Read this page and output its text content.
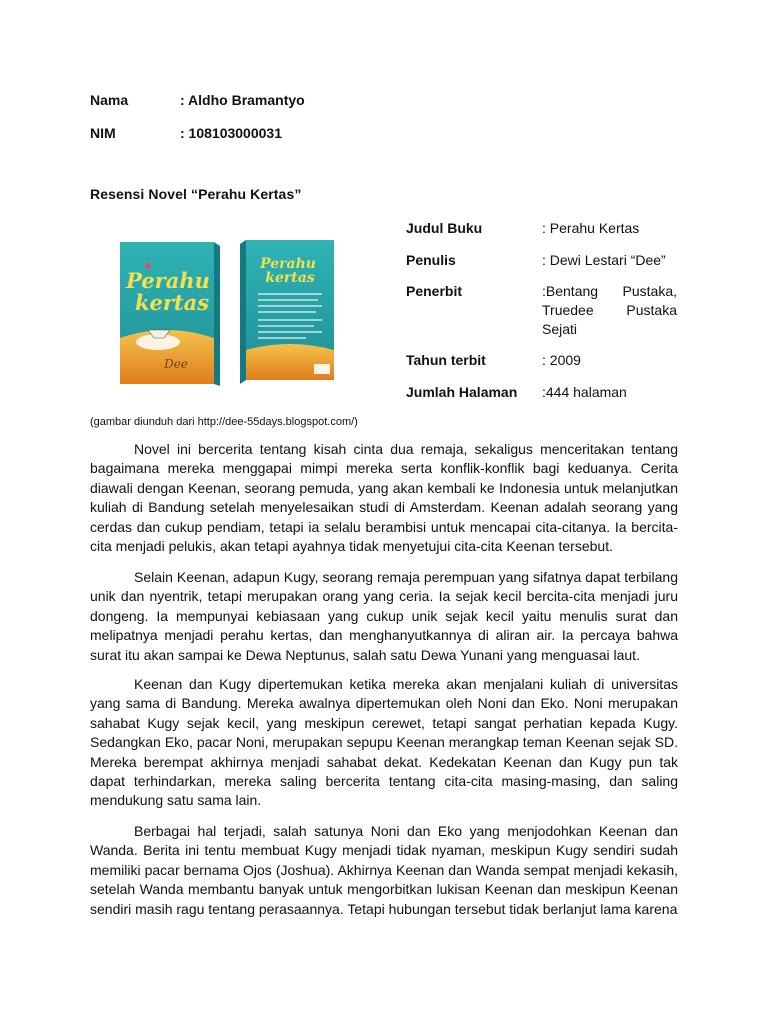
Nama	: Aldho Bramantyo
NIM	: 108103000031
Resensi Novel “Perahu Kertas”
Perahu
kertas
Dee
Perahu
kertas
(gambar diunduh dari http://dee-55days.blogspot.com/)
Judul Buku	: Perahu Kertas
Penulis	: Dewi Lestari “Dee”
Penerbit	:Bentang Pustaka,
Truedee Pustaka
Sejati
Tahun terbit	: 2009
Jumlah Halaman :444 halaman

Novel ini bercerita tentang kisah cinta dua remaja, sekaligus menceritakan tentang bagaimana mereka menggapai mimpi mereka serta konflik-konflik bagi keduanya. Cerita diawali dengan Keenan, seorang pemuda, yang akan kembali ke Indonesia untuk melanjutkan kuliah di Bandung setelah menyelesaikan studi di Amsterdam. Keenan adalah seorang yang cerdas dan cukup pendiam, tetapi ia selalu berambisi untuk mencapai cita-citanya. Ia bercita-cita menjadi pelukis, akan tetapi ayahnya tidak menyetujui cita-cita Keenan tersebut.

Selain Keenan, adapun Kugy, seorang remaja perempuan yang sifatnya dapat terbilang unik dan nyentrik, tetapi merupakan orang yang ceria. Ia sejak kecil bercita-cita menjadi juru dongeng. Ia mempunyai kebiasaan yang cukup unik sejak kecil yaitu menulis surat dan melipatnya menjadi perahu kertas, dan menghanyutkannya di aliran air. Ia percaya bahwa surat itu akan sampai ke Dewa Neptunus, salah satu Dewa Yunani yang menguasai laut.

Keenan dan Kugy dipertemukan ketika mereka akan menjalani kuliah di universitas yang sama di Bandung. Mereka awalnya dipertemukan oleh Noni dan Eko. Noni merupakan sahabat Kugy sejak kecil, yang meskipun cerewet, tetapi sangat perhatian kepada Kugy. Sedangkan Eko, pacar Noni, merupakan sepupu Keenan merangkap teman Keenan sejak SD. Mereka berempat akhirnya menjadi sahabat dekat. Kedekatan Keenan dan Kugy pun tak dapat terhindarkan, mereka saling bercerita tentang cita-cita masing-masing, dan saling mendukung satu sama lain.

Berbagai hal terjadi, salah satunya Noni dan Eko yang menjodohkan Keenan dan Wanda. Berita ini tentu membuat Kugy menjadi tidak nyaman, meskipun Kugy sendiri sudah memiliki pacar bernama Ojos (Joshua). Akhirnya Keenan dan Wanda sempat menjadi kekasih, setelah Wanda membantu banyak untuk mengorbitkan lukisan Keenan dan meskipun Keenan sendiri masih ragu tentang perasaannya. Tetapi hubungan tersebut tidak berlanjut lama karena
